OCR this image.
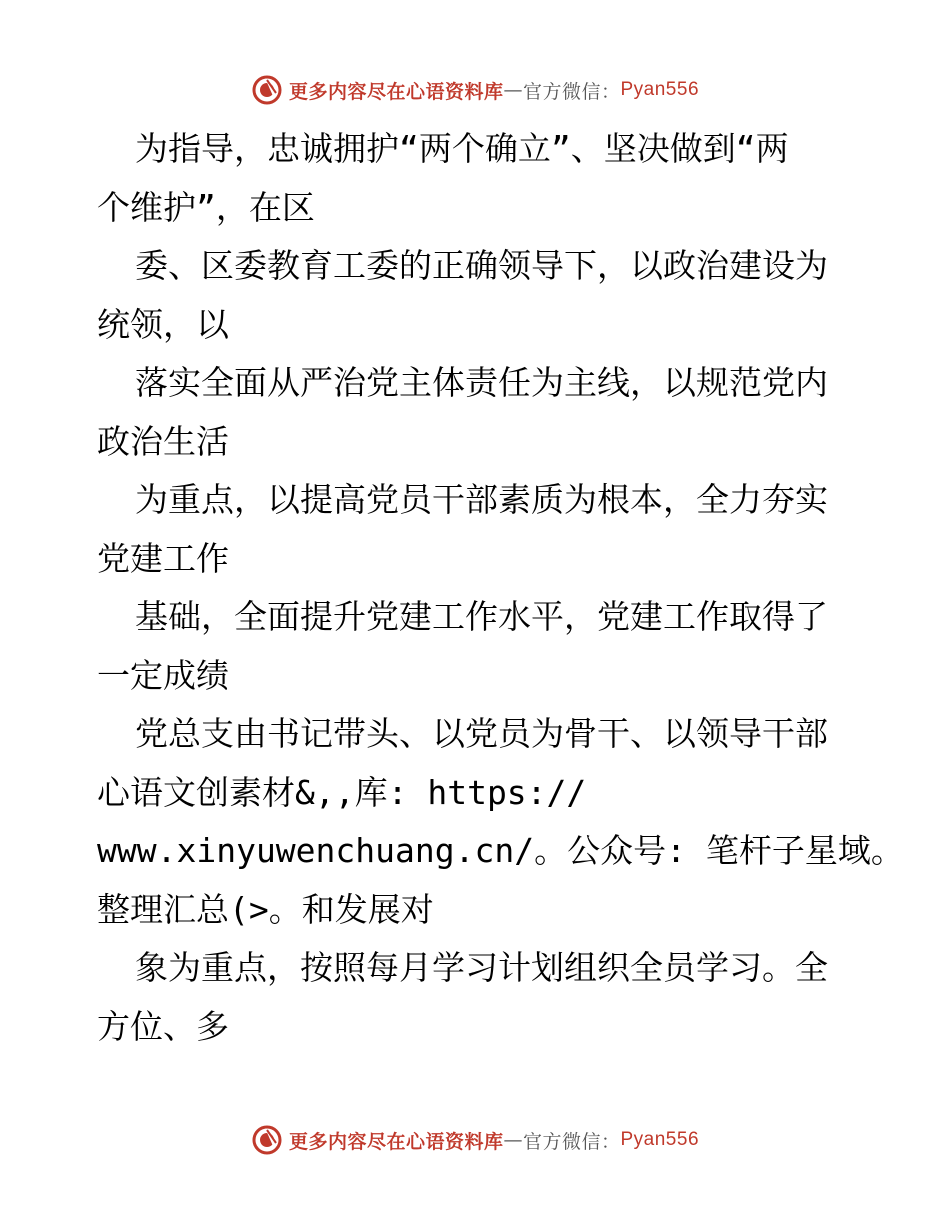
更多内容尽在心语资料库 — 官方微信： Pyan556
为指导，忠诚拥护“两个确立”、坚决做到“两
个维护”，在区
委、区委教育工委的正确领导下，以政治建设为
统领，以
落实全面从严治党主体责任为主线，以规范党内
政治生活
为重点，以提高党员干部素质为根本，全力夯实
党建工作
基础，全面提升党建工作水平，党建工作取得了
一定成绩
党总支由书记带头、以党员为骨干、以领导干部
心语文创素材&,,库: https://
www.xinyuwenchuang.cn/。公众号: 笔杆子星域。
整理汇总(>。和发展对
象为重点，按照每月学习计划组织全员学习。全
方位、多
更多内容尽在心语资料库 — 官方微信： Pyan556
